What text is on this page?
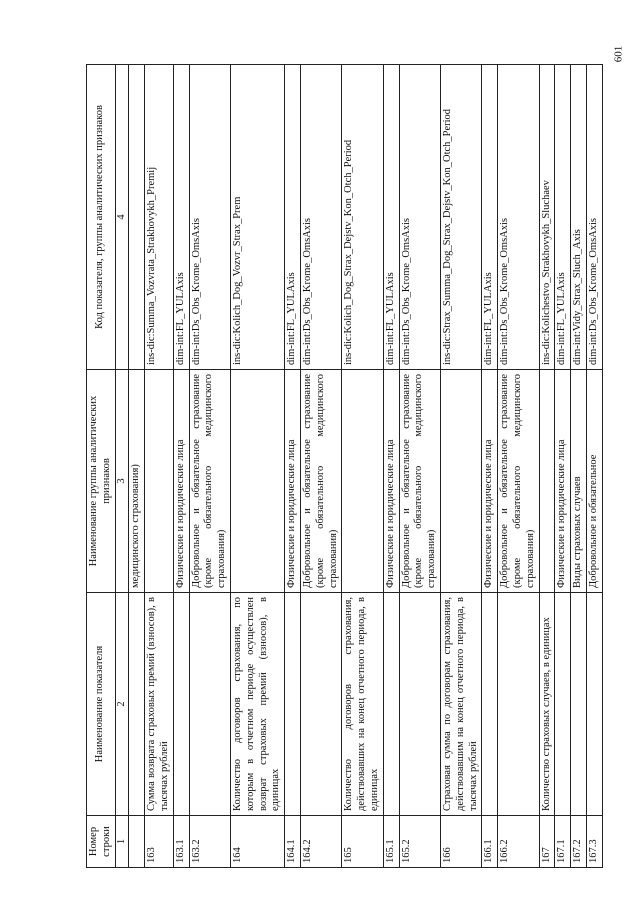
Номер строки	Наименование показателя	Наименование группы аналитических признаков	Код показателя, группы аналитических признаков
1	2	3	4
		медицинского страхования)	
163	Сумма возврата страховых премий (взносов), в тысячах рублей		ins-dic:Summa_Vozvrata_Strakhovykh_Premij
163.1		Физические и юридические лица	dim-int:FL_YULAxis
163.2		Добровольное и обязательное страхование (кроме обязательного медицинского страхования)	dim-int:Ds_Obs_Krome_OmsAxis
164	Количество договоров страхования, по которым в отчетном периоде осуществлен возврат страховых премий (взносов), в единицах		ins-dic:Kolich_Dog_Vozvr_Strax_Prem
164.1		Физические и юридические лица	dim-int:FL_YULAxis
164.2		Добровольное и обязательное страхование (кроме обязательного медицинского страхования)	dim-int:Ds_Obs_Krome_OmsAxis
165	Количество договоров страхования, действовавших на конец отчетного периода, в единицах		ins-dic:Kolich_Dog_Strax_Dejstv_Kon_Otch_Period
165.1		Физические и юридические лица	dim-int:FL_YULAxis
165.2		Добровольное и обязательное страхование (кроме обязательного медицинского страхования)	dim-int:Ds_Obs_Krome_OmsAxis
166	Страховая сумма по договорам страхования, действовавшим на конец отчетного периода, в тысячах рублей		ins-dic:Strax_Summa_Dog_Strax_Dejstv_Kon_Otch_Period
166.1		Физические и юридические лица	dim-int:FL_YULAxis
166.2		Добровольное и обязательное страхование (кроме обязательного медицинского страхования)	dim-int:Ds_Obs_Krome_OmsAxis
167	Количество страховых случаев, в единицах		ins-dic:Kolichestvo_Strakhovykh_Sluchaev
167.1		Физические и юридические лица	dim-int:FL_YULAxis
167.2		Виды страховых случаев	dim-int:Vidy_Strax_Sluch_Axis
167.3		Добровольное и обязательное	dim-int:Ds_Obs_Krome_OmsAxis
601
